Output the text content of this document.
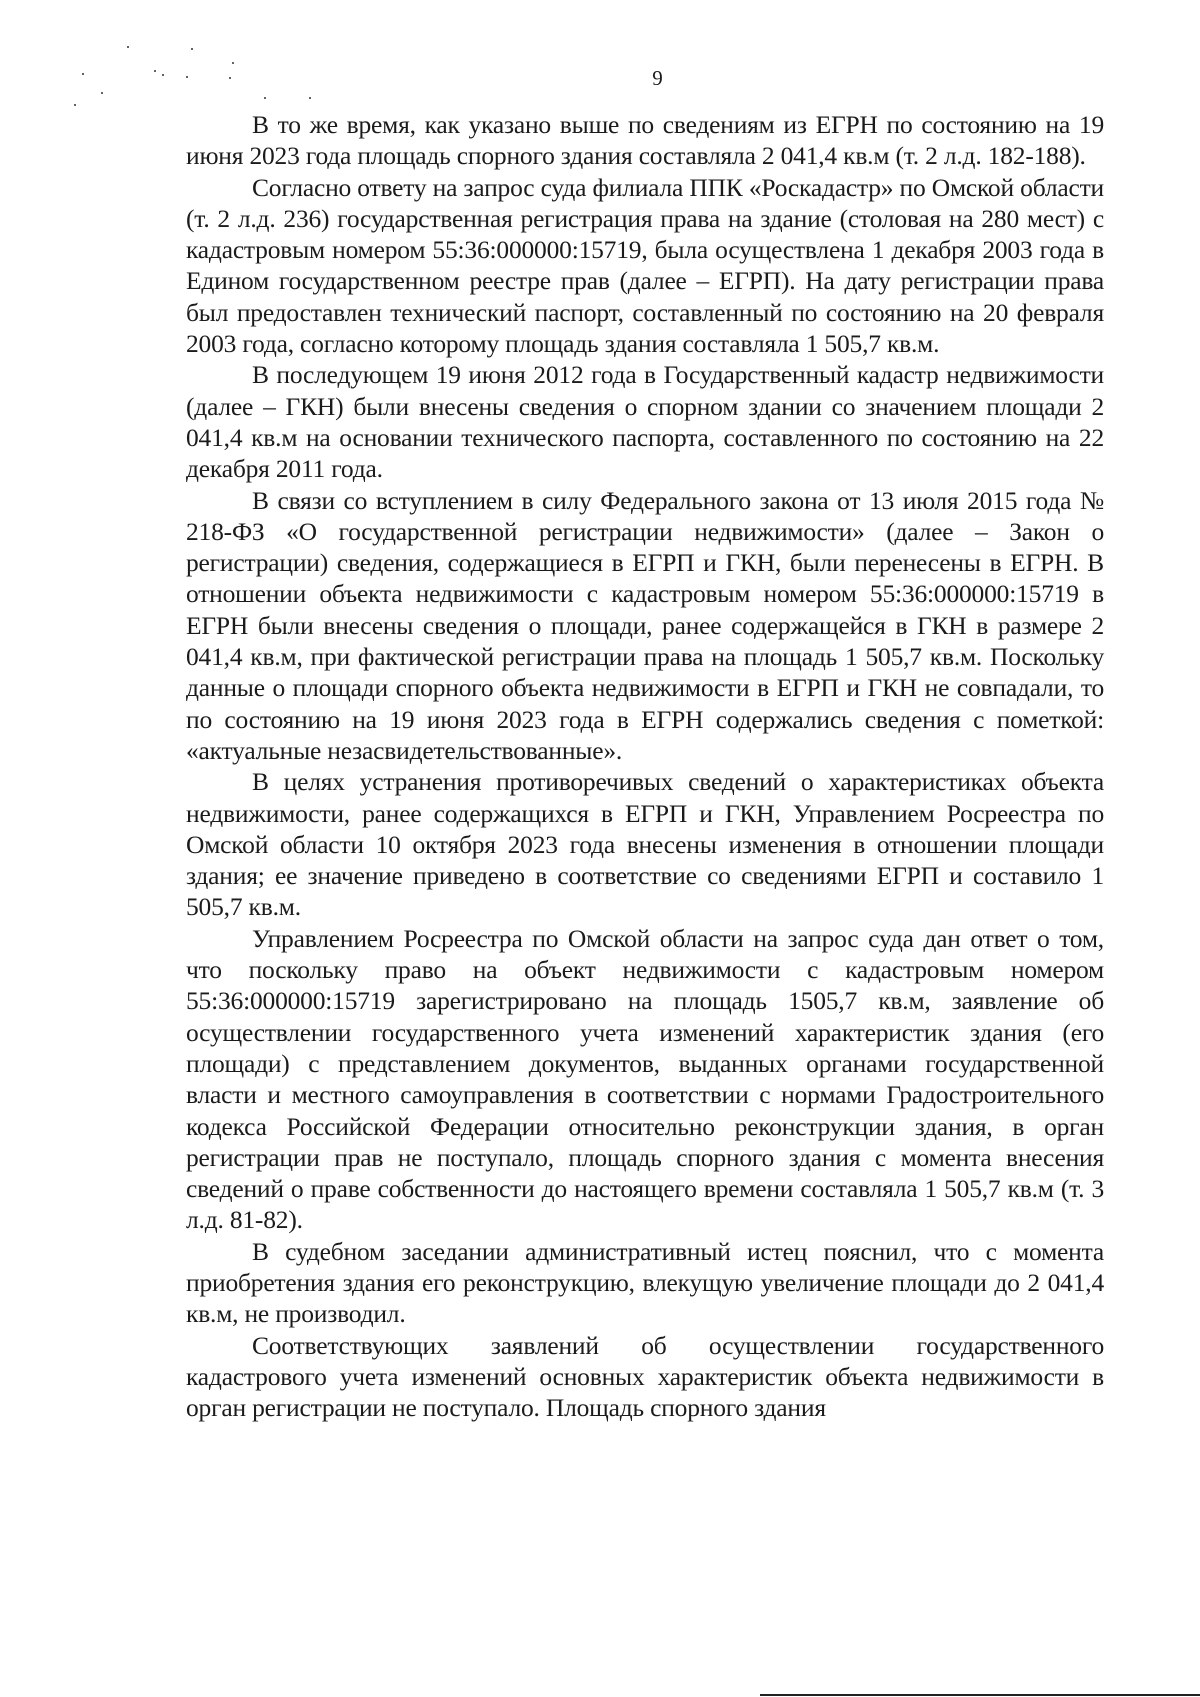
9

В то же время, как указано выше по сведениям из ЕГРН по состоянию на 19 июня 2023 года площадь спорного здания составляла 2 041,4 кв.м (т. 2 л.д. 182-188).

Согласно ответу на запрос суда филиала ППК «Роскадастр» по Омской области (т. 2 л.д. 236) государственная регистрация права на здание (столовая на 280 мест) с кадастровым номером 55:36:000000:15719, была осуществлена 1 декабря 2003 года в Едином государственном реестре прав (далее – ЕГРП). На дату регистрации права был предоставлен технический паспорт, составленный по состоянию на 20 февраля 2003 года, согласно которому площадь здания составляла 1 505,7 кв.м.

В последующем 19 июня 2012 года в Государственный кадастр недвижимости (далее – ГКН) были внесены сведения о спорном здании со значением площади 2 041,4 кв.м на основании технического паспорта, составленного по состоянию на 22 декабря 2011 года.

В связи со вступлением в силу Федерального закона от 13 июля 2015 года № 218-ФЗ «О государственной регистрации недвижимости» (далее – Закон о регистрации) сведения, содержащиеся в ЕГРП и ГКН, были перенесены в ЕГРН. В отношении объекта недвижимости с кадастровым номером 55:36:000000:15719 в ЕГРН были внесены сведения о площади, ранее содержащейся в ГКН в размере 2 041,4 кв.м, при фактической регистрации права на площадь 1 505,7 кв.м. Поскольку данные о площади спорного объекта недвижимости в ЕГРП и ГКН не совпадали, то по состоянию на 19 июня 2023 года в ЕГРН содержались сведения с пометкой: «актуальные незасвидетельствованные».

В целях устранения противоречивых сведений о характеристиках объекта недвижимости, ранее содержащихся в ЕГРП и ГКН, Управлением Росреестра по Омской области 10 октября 2023 года внесены изменения в отношении площади здания; ее значение приведено в соответствие со сведениями ЕГРП и составило 1 505,7 кв.м.

Управлением Росреестра по Омской области на запрос суда дан ответ о том, что поскольку право на объект недвижимости с кадастровым номером 55:36:000000:15719 зарегистрировано на площадь 1505,7 кв.м, заявление об осуществлении государственного учета изменений характеристик здания (его площади) с представлением документов, выданных органами государственной власти и местного самоуправления в соответствии с нормами Градостроительного кодекса Российской Федерации относительно реконструкции здания, в орган регистрации прав не поступало, площадь спорного здания с момента внесения сведений о праве собственности до настоящего времени составляла 1 505,7 кв.м (т. 3 л.д. 81-82).

В судебном заседании административный истец пояснил, что с момента приобретения здания его реконструкцию, влекущую увеличение площади до 2 041,4 кв.м, не производил.

Соответствующих заявлений об осуществлении государственного кадастрового учета изменений основных характеристик объекта недвижимости в орган регистрации не поступало. Площадь спорного здания
